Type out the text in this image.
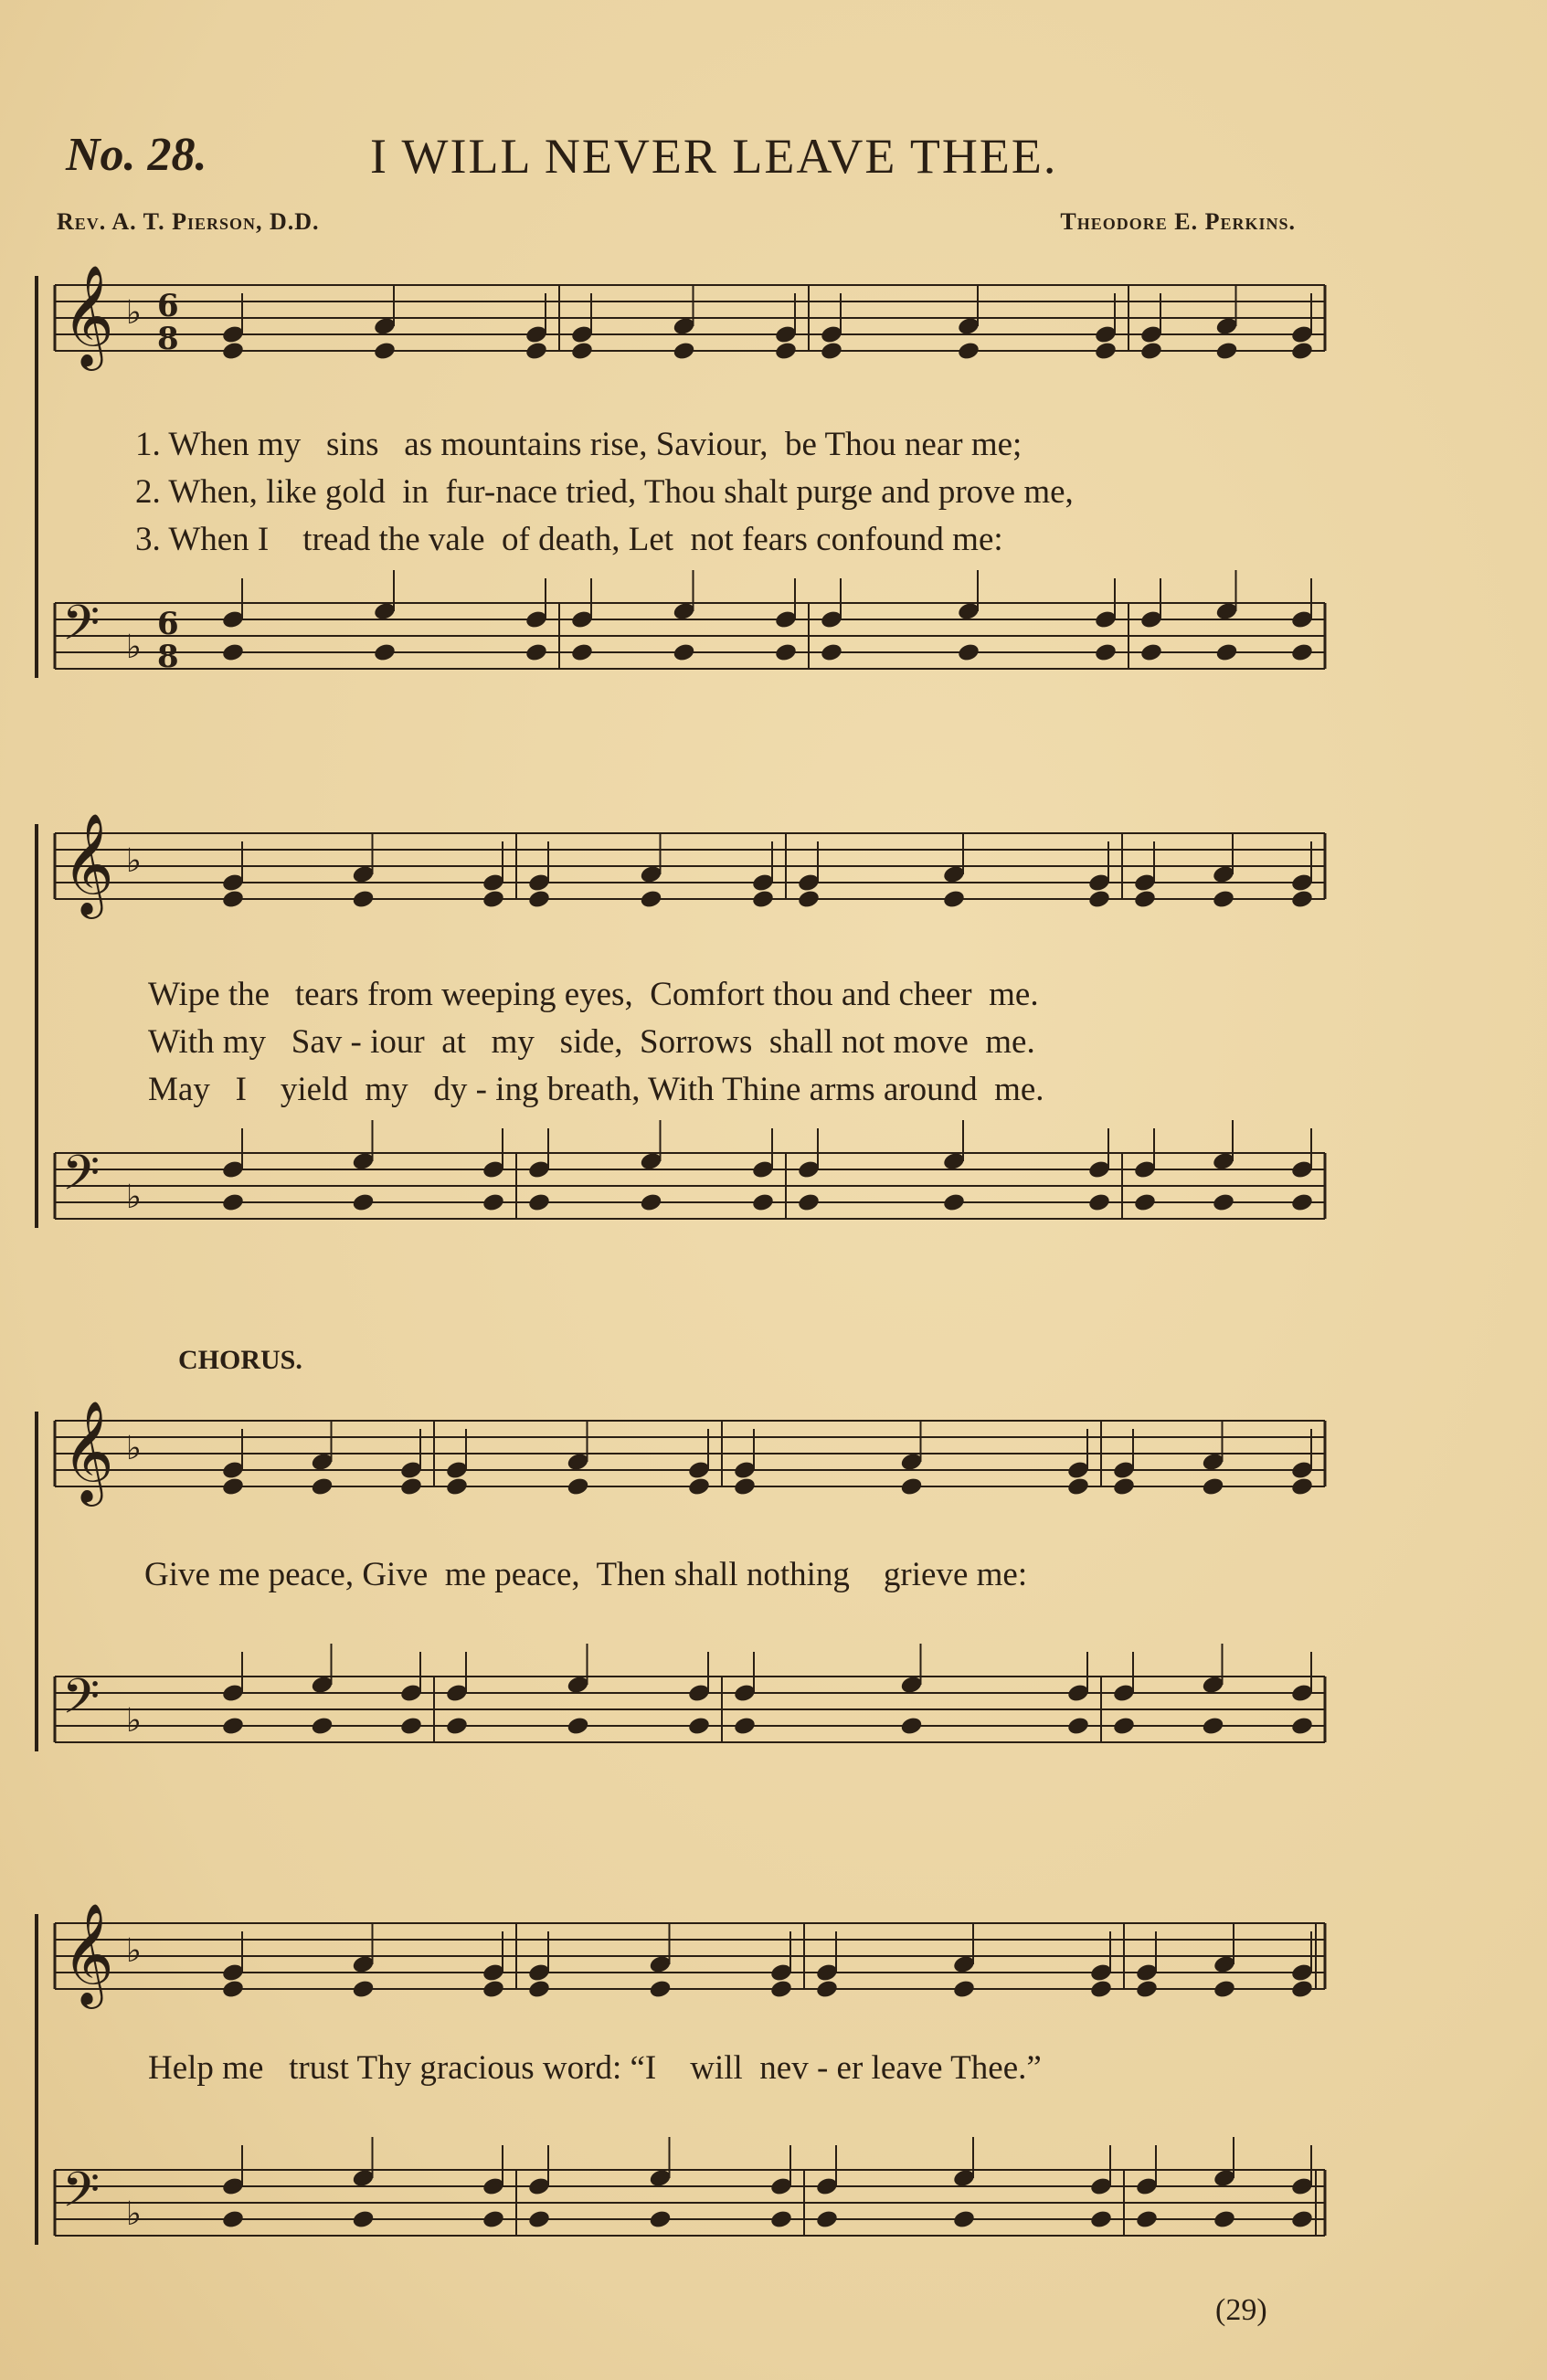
No. 28.	I WILL NEVER LEAVE THEE.
Rev. A. T. Pierson, D.D.	Theodore E. Perkins.
𝄞 ♭ 6
8
𝄢 ♭
6
8
𝄞 ♭
𝄢 ♭
𝄞 ♭
𝄢 ♭
𝄞 ♭
𝄢 ♭
1. When my   sins   as mountains rise, Saviour,  be Thou near me;
2. When, like gold  in  fur-nace tried, Thou shalt purge and prove me,
3. When I    tread the vale  of death, Let  not fears confound me:
Wipe the   tears from weeping eyes,  Comfort thou and cheer  me.
With my   Sav - iour  at   my   side,  Sorrows  shall not move  me.
May   I    yield  my   dy - ing breath, With Thine arms around  me.
CHORUS.
Give me peace, Give  me peace,  Then shall nothing    grieve me:
Help me   trust Thy gracious word: “I    will  nev - er leave Thee.”
(29)
